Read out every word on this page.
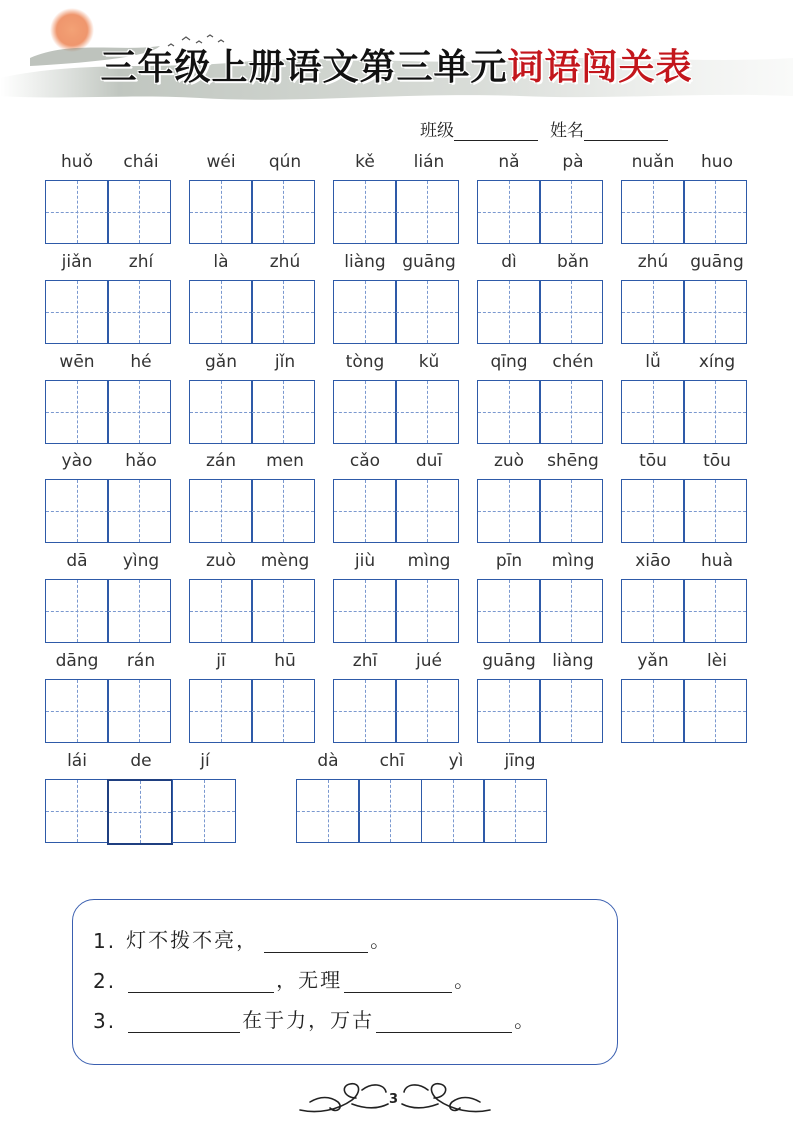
三年级上册语文第三单元词语闯关表
班级	姓名
huǒ	chái	wéi	qún	kě	lián	nǎ	pà	nuǎn	huo
jiǎn	zhí	là	zhú	liàng guāng	dì	bǎn	zhú	guāng
wēn	hé	gǎn	jǐn	tòng	kǔ	qīng	chén	lǚ	xíng
yào	hǎo	zán	men	cǎo	duī	zuò	shēng	tōu	tōu
dā	yìng	zuò	mèng	jiù	mìng	pīn	mìng	xiāo	huà
dāng	rán	jī	hū	zhī	jué	guāng liàng	yǎn	lèi
lái	de	jí	dà	chī	yì	jīng
1. 灯不拨不亮，	。
2.	，无理	。
3.	在于力，万古	。
3
